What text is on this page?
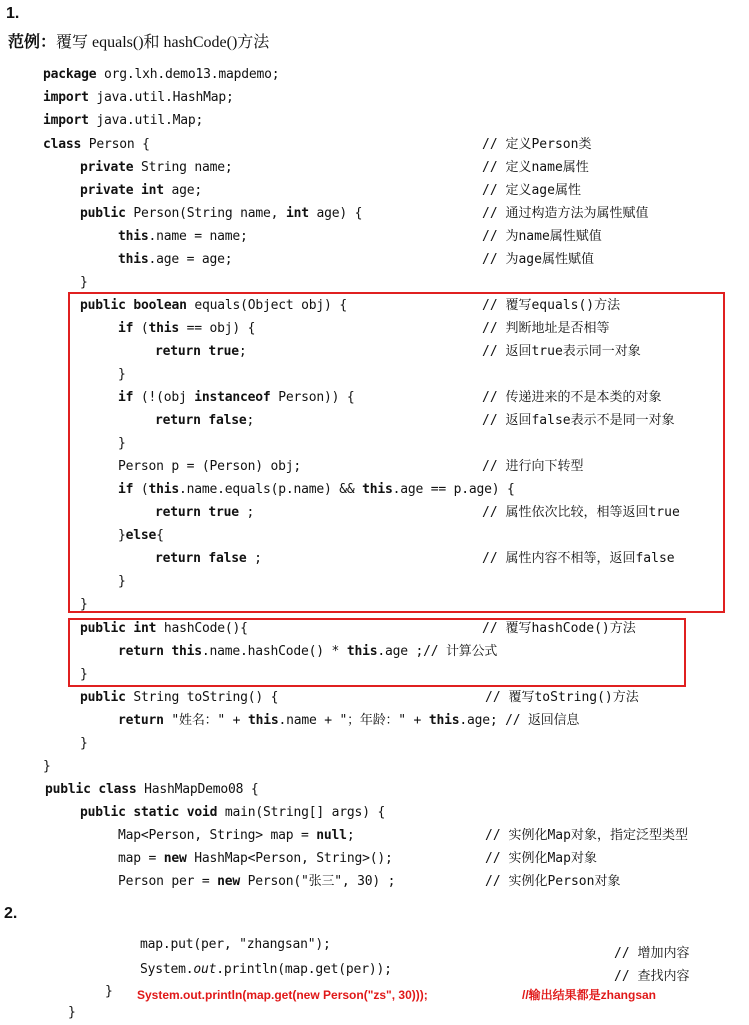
1.
范例：覆写 equals()和 hashCode()方法
package org.lxh.demo13.mapdemo;
import java.util.HashMap;
import java.util.Map;
class Person {	// 定义Person类
private String name;	// 定义name属性
private int age;	// 定义age属性
public Person(String name, int age) {	// 通过构造方法为属性赋值
this.name = name;	// 为name属性赋值
this.age = age;	// 为age属性赋值
}
public boolean equals(Object obj) {	// 覆写equals()方法
if (this == obj) {	// 判断地址是否相等
return true;	// 返回true表示同一对象
}
if (!(obj instanceof Person)) {	// 传递进来的不是本类的对象
return false;	// 返回false表示不是同一对象
}
Person p = (Person) obj;	// 进行向下转型
if (this.name.equals(p.name) && this.age == p.age) {
return true ;	// 属性依次比较，相等返回true
}else{
return false ;	// 属性内容不相等，返回false
}
}
public int hashCode(){	// 覆写hashCode()方法
return this.name.hashCode() * this.age ;// 计算公式
}
public String toString() {	// 覆写toString()方法
return "姓名：" + this.name + "；年龄：" + this.age; // 返回信息
}
}
public class HashMapDemo08 {
public static void main(String[] args) {
Map<Person, String> map = null;	// 实例化Map对象，指定泛型类型
map = new HashMap<Person, String>();	// 实例化Map对象
Person per = new Person("张三", 30) ;	// 实例化Person对象
2.
map.put(per, "zhangsan");
// 增加内容
System.out.println(map.get(per));	// 查找内容
} System.out.println(map.get(new Person("zs", 30)));	//输出结果都是zhangsan
}
